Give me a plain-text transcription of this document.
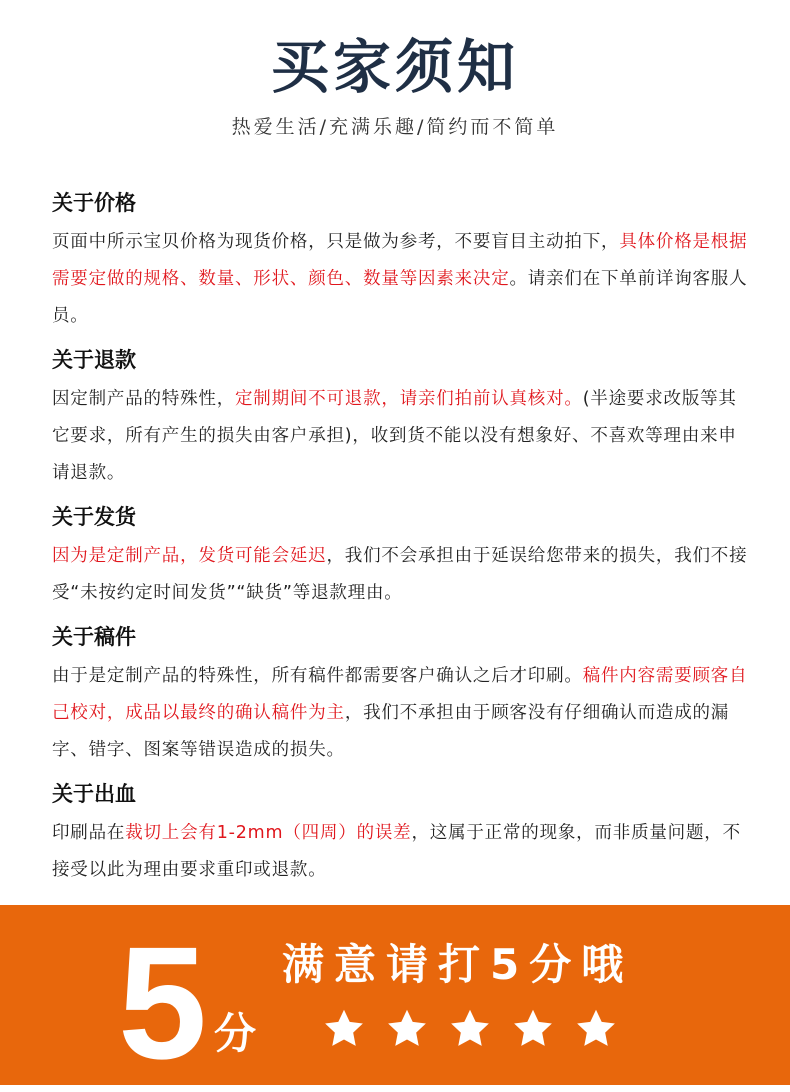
买家须知
热爱生活/充满乐趣/简约而不简单
关于价格
页面中所示宝贝价格为现货价格，只是做为参考，不要盲目主动拍下，具体价格是根据需要定做的规格、数量、形状、颜色、数量等因素来决定。请亲们在下单前详询客服人员。
关于退款
因定制产品的特殊性，定制期间不可退款，请亲们拍前认真核对。(半途要求改版等其它要求，所有产生的损失由客户承担)，收到货不能以没有想象好、不喜欢等理由来申请退款。
关于发货
因为是定制产品，发货可能会延迟，我们不会承担由于延误给您带来的损失，我们不接受“未按约定时间发货”“缺货”等退款理由。
关于稿件
由于是定制产品的特殊性，所有稿件都需要客户确认之后才印刷。稿件内容需要顾客自己校对，成品以最终的确认稿件为主，我们不承担由于顾客没有仔细确认而造成的漏字、错字、图案等错误造成的损失。
关于出血
印刷品在裁切上会有1-2mm（四周）的误差，这属于正常的现象，而非质量问题，不接受以此为理由要求重印或退款。
5 分
满意请打5分哦
